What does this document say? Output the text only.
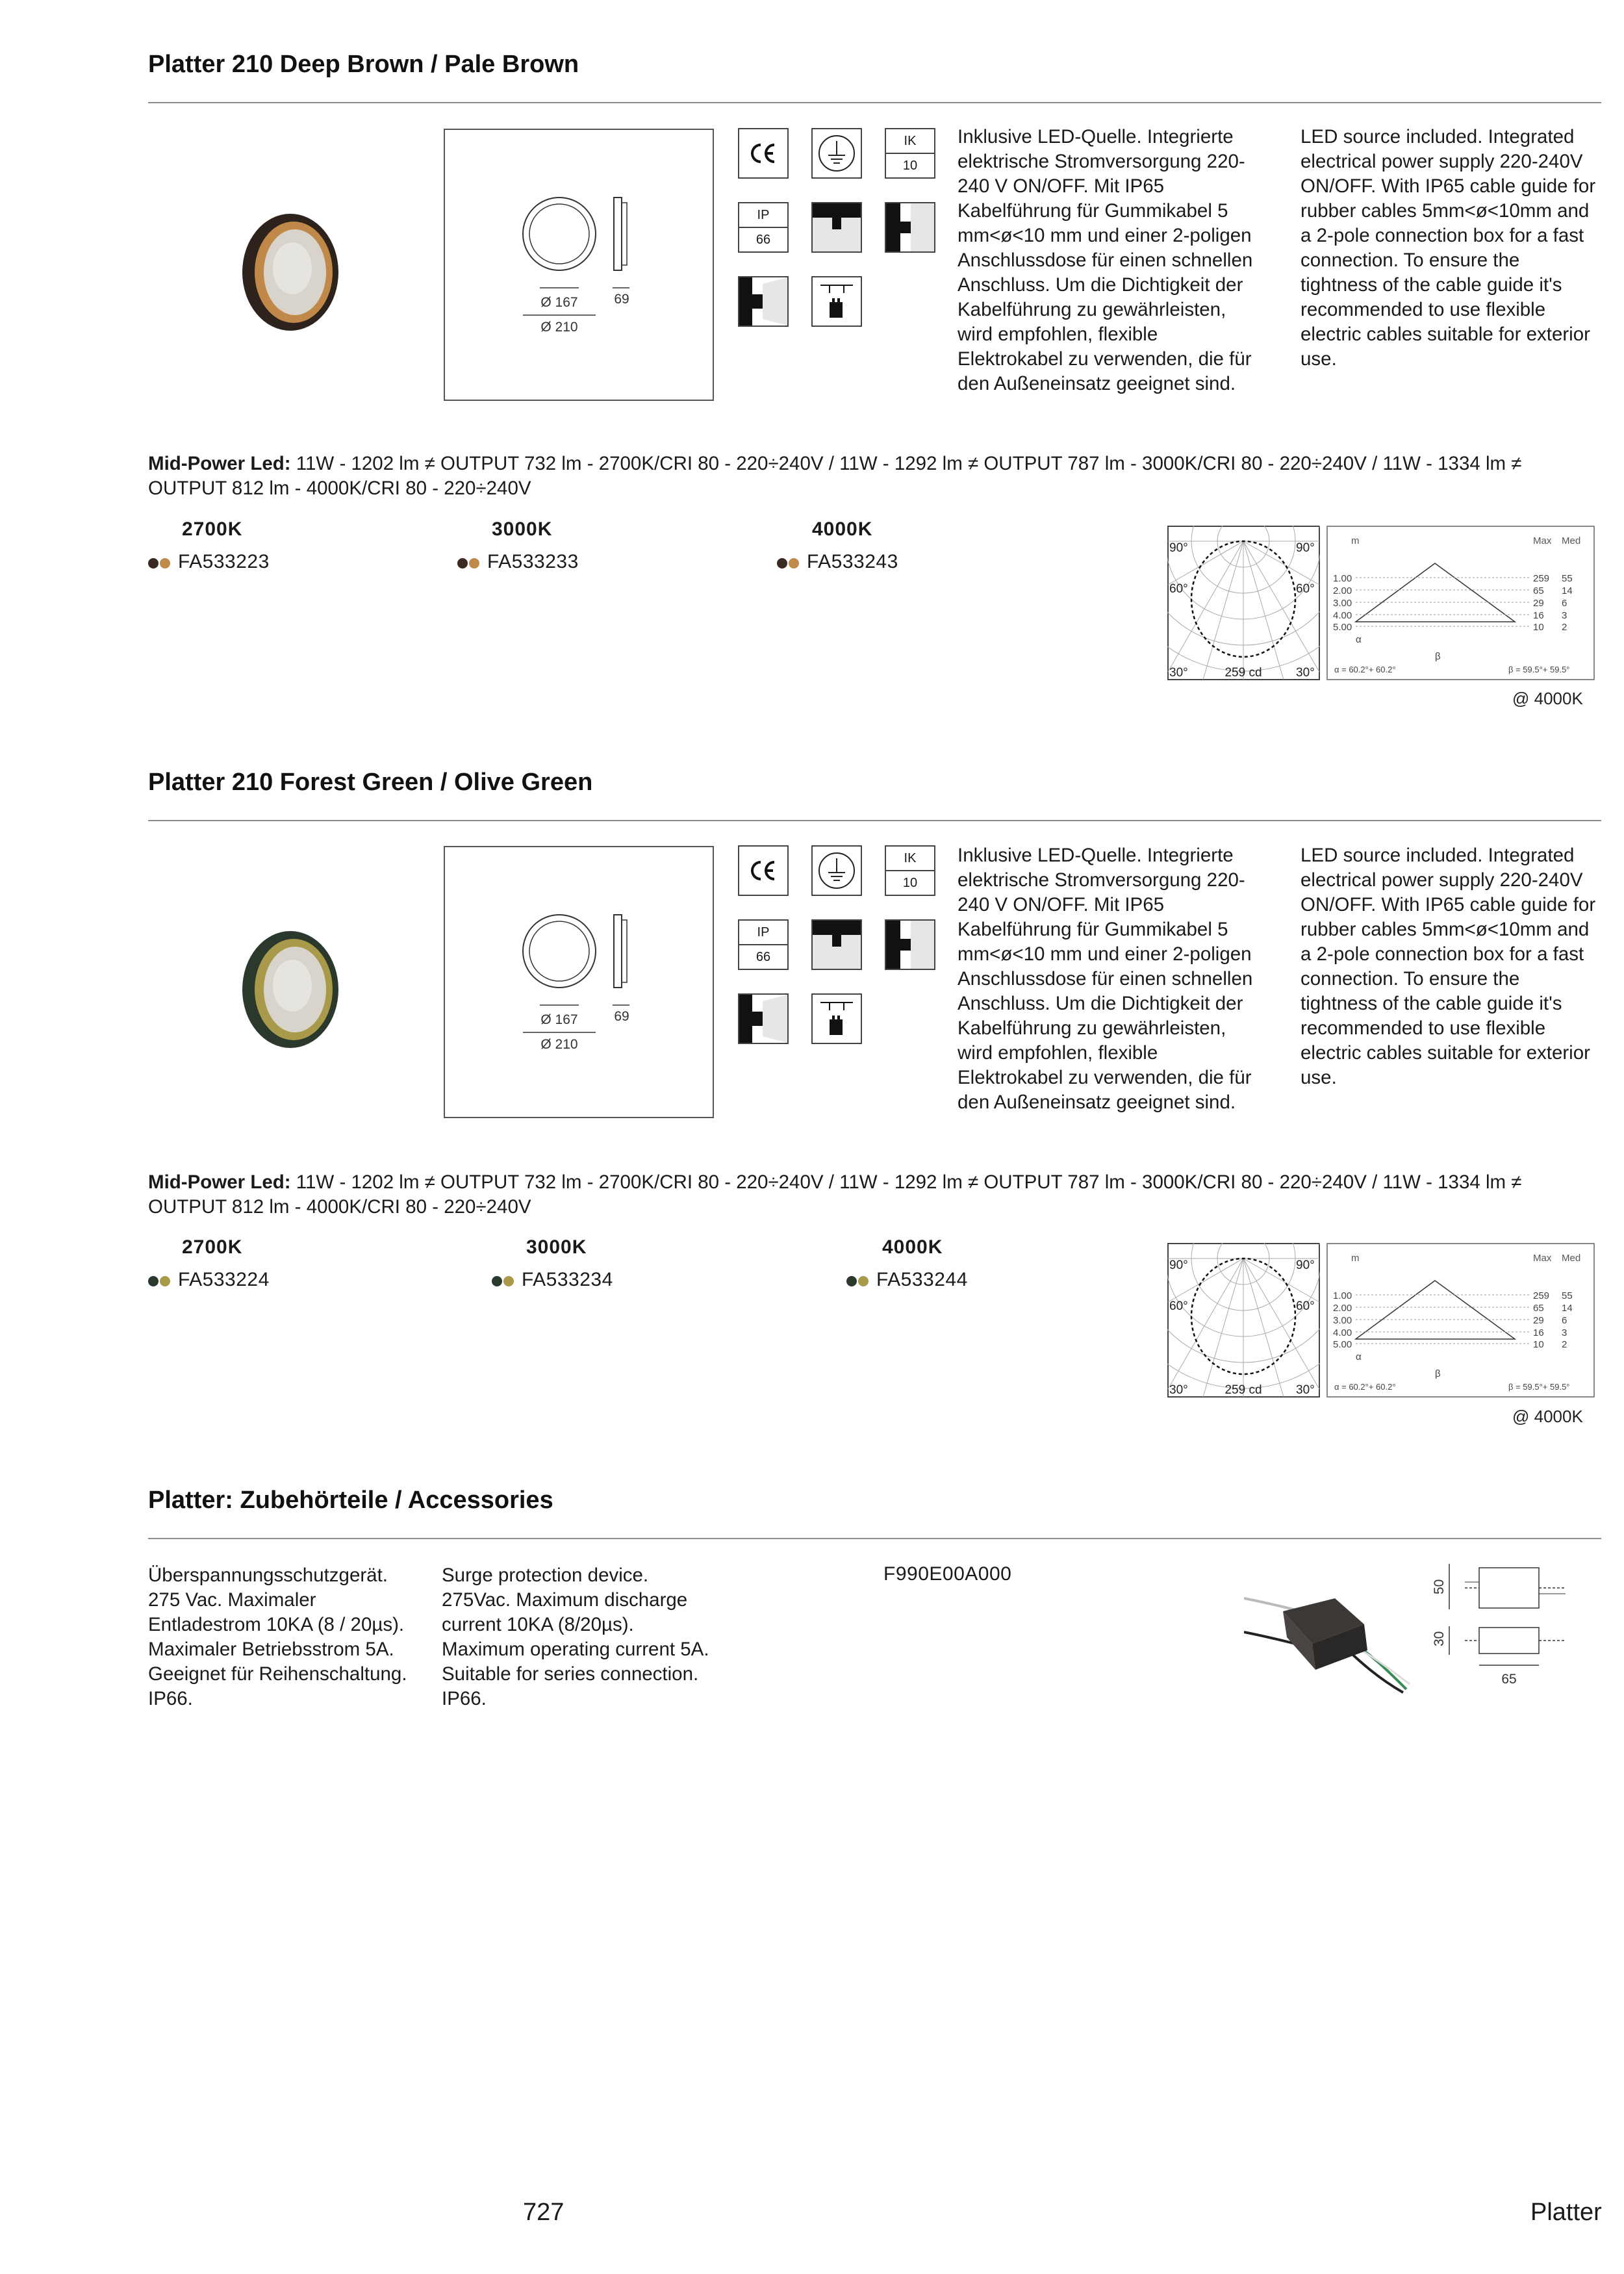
Platter 210 Deep Brown / Pale Brown
Ø 167
Ø 210
69
IK
10
IP
66
Inklusive LED-Quelle. Integrierte elektrische Stromversorgung 220-240 V ON/OFF. Mit IP65 Kabelführung für Gummikabel 5 mm<ø<10 mm und einer 2-poligen Anschlussdose für einen schnellen Anschluss. Um die Dichtigkeit der Kabelführung zu gewährleisten, wird empfohlen, flexible Elektrokabel zu verwenden, die für den Außeneinsatz geeignet sind.
LED source included. Integrated electrical power supply 220-240V ON/OFF. With IP65 cable guide for rubber cables 5mm<ø<10mm and a 2-pole connection box for a fast connection. To ensure the tightness of the cable guide it's recommended to use flexible electric cables suitable for exterior use.
Mid-Power Led: 11W - 1202 lm ≠ OUTPUT 732 lm - 2700K/CRI 80 - 220÷240V / 11W - 1292 lm ≠ OUTPUT 787 lm - 3000K/CRI 80 - 220÷240V / 11W - 1334 lm ≠ OUTPUT 812 lm - 4000K/CRI 80 - 220÷240V
2700K	3000K	4000K
FA533223	FA533233	FA533243
90°	90°
60°	60°
30°	30°
259 cd
m	Max Med
1.00	259 55
2.00	65 14
3.00	29 6
4.00	16 3
5.00	10 2
α
β
α = 60.2°+ 60.2°	β = 59.5°+ 59.5°
@ 4000K
Platter 210 Forest Green / Olive Green
Ø 167
Ø 210
69
IK
10
IP
66
Inklusive LED-Quelle. Integrierte elektrische Stromversorgung 220-240 V ON/OFF. Mit IP65 Kabelführung für Gummikabel 5 mm<ø<10 mm und einer 2-poligen Anschlussdose für einen schnellen Anschluss. Um die Dichtigkeit der Kabelführung zu gewährleisten, wird empfohlen, flexible Elektrokabel zu verwenden, die für den Außeneinsatz geeignet sind.
LED source included. Integrated electrical power supply 220-240V ON/OFF. With IP65 cable guide for rubber cables 5mm<ø<10mm and a 2-pole connection box for a fast connection. To ensure the tightness of the cable guide it's recommended to use flexible electric cables suitable for exterior use.
Mid-Power Led: 11W - 1202 lm ≠ OUTPUT 732 lm - 2700K/CRI 80 - 220÷240V / 11W - 1292 lm ≠ OUTPUT 787 lm - 3000K/CRI 80 - 220÷240V / 11W - 1334 lm ≠ OUTPUT 812 lm - 4000K/CRI 80 - 220÷240V
2700K	3000K	4000K
FA533224	FA533234	FA533244
90°	90°
60°	60°
30°	30°
259 cd
m	Max Med
1.00	259 55
2.00	65 14
3.00	29 6
4.00	16 3
5.00	10 2
α
β
α = 60.2°+ 60.2°	β = 59.5°+ 59.5°
@ 4000K
Platter: Zubehörteile / Accessories
Überspannungsschutzgerät. 275 Vac. Maximaler Entladestrom 10KA (8 / 20µs). Maximaler Betriebsstrom 5A. Geeignet für Reihenschaltung. IP66.
Surge protection device. 275Vac. Maximum discharge current 10KA (8/20µs). Maximum operating current 5A. Suitable for series connection. IP66.
F990E00A000
50
30
65
727	Platter
